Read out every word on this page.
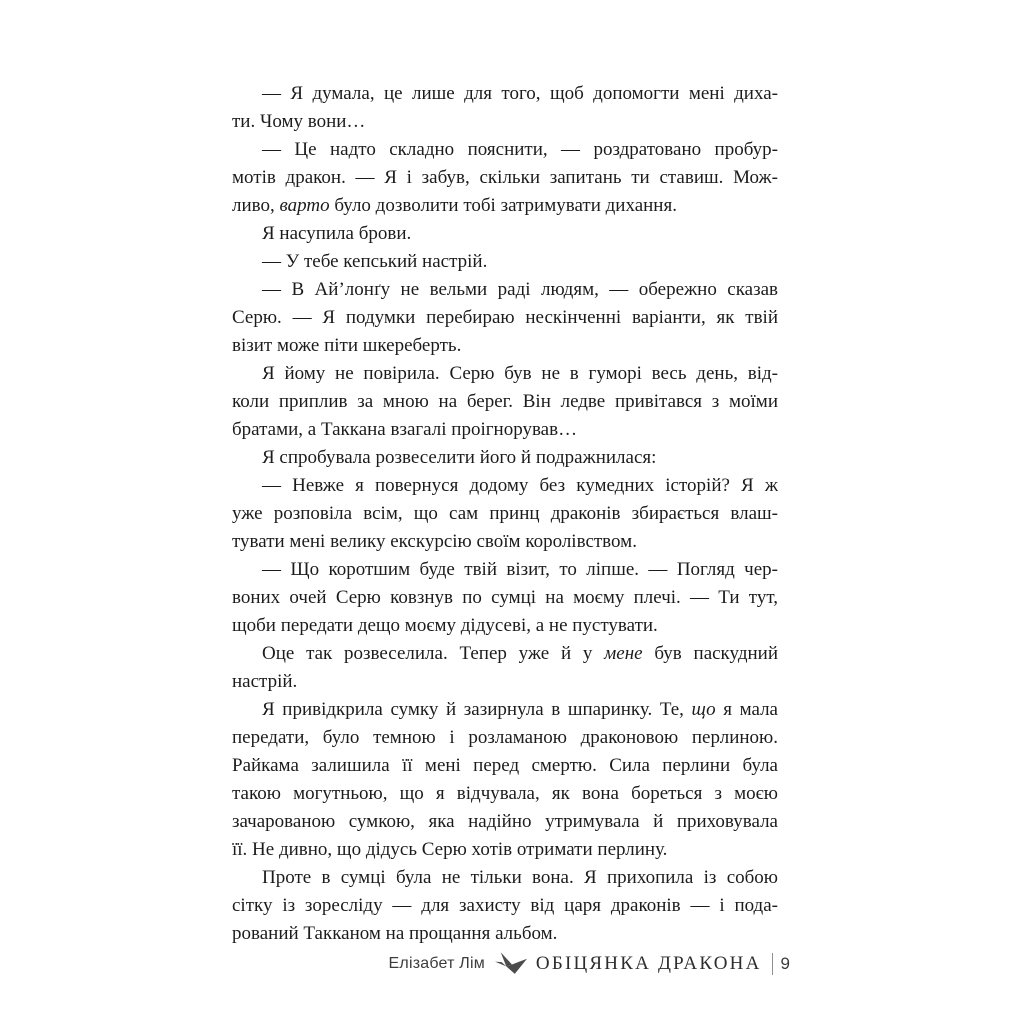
— Я думала, це лише для того, щоб допомогти мені диха-
ти. Чому вони…
— Це надто складно пояснити, — роздратовано пробур-
мотів дракон. — Я і забув, скільки запитань ти ставиш. Мож-
ливо, варто було дозволити тобі затримувати дихання.
Я насупила брови.
— У тебе кепський настрій.
— В Ай’лонґу не вельми раді людям, — обережно сказав
Серю. — Я подумки перебираю нескінченні варіанти, як твій
візит може піти шкереберть.
Я йому не повірила. Серю був не в гуморі весь день, від-
коли приплив за мною на берег. Він ледве привітався з моїми
братами, а Таккана взагалі проігнорував…
Я спробувала розвеселити його й подражнилася:
— Невже я повернуся додому без кумедних історій? Я ж
уже розповіла всім, що сам принц драконів збирається влаш-
тувати мені велику екскурсію своїм королівством.
— Що коротшим буде твій візит, то ліпше. — Погляд чер-
воних очей Серю ковзнув по сумці на моєму плечі. — Ти тут,
щоби передати дещо моєму дідусеві, а не пустувати.
Оце так розвеселила. Тепер уже й у мене був паскудний
настрій.
Я привідкрила сумку й зазирнула в шпаринку. Те, що я мала
передати, було темною і розламаною драконовою перлиною.
Райкама залишила її мені перед смертю. Сила перлини була
такою могутньою, що я відчувала, як вона бореться з моєю
зачарованою сумкою, яка надійно утримувала й приховувала
її. Не дивно, що дідусь Серю хотів отримати перлину.
Проте в сумці була не тільки вона. Я прихопила із собою
сітку із зоресліду — для захисту від царя драконів — і пода-
рований Такканом на прощання альбом.
Елізабет Лім	ОБІЦЯНКА ДРАКОНА 9
